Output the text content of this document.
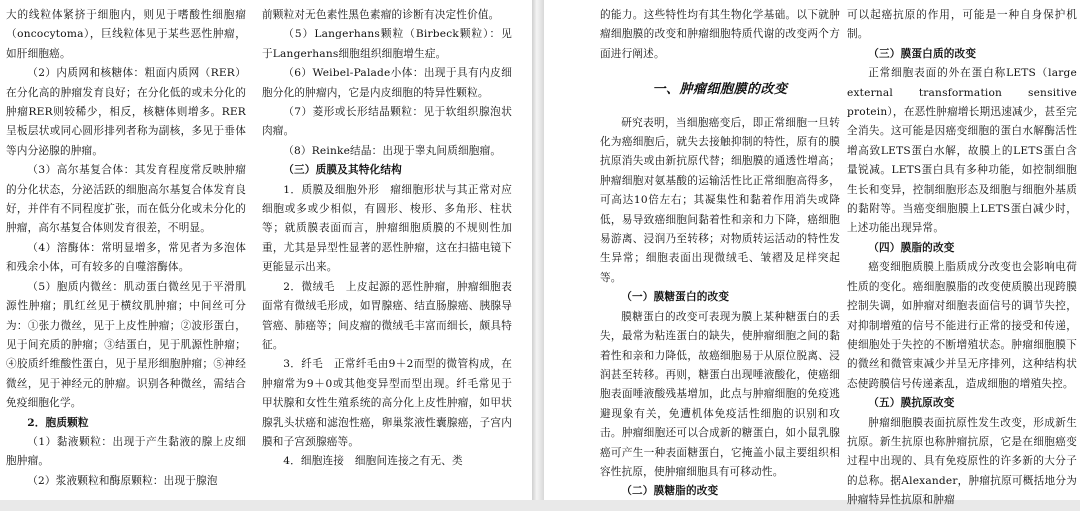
大的线粒体紧挤于细胞内，则见于嗜酸性细胞瘤（oncocytoma），巨线粒体见于某些恶性肿瘤，如肝细胞癌。

（2）内质网和核糖体：粗面内质网（RER）在分化高的肿瘤发育良好；在分化低的或未分化的肿瘤RER则较稀少，相反，核糖体则增多。RER呈板层状或同心圆形排列者称为副核，多见于垂体等内分泌腺的肿瘤。

（3）高尔基复合体：其发育程度常反映肿瘤的分化状态，分泌活跃的细胞高尔基复合体发育良好，并伴有不同程度扩张，而在低分化或未分化的肿瘤，高尔基复合体则发育很差，不明显。

（4）溶酶体：常明显增多，常见者为多泡体和残余小体，可有较多的自噬溶酶体。

（5）胞质内微丝：肌动蛋白微丝见于平滑肌源性肿瘤；肌红丝见于横纹肌肿瘤；中间丝可分为：①张力微丝，见于上皮性肿瘤；②波形蛋白，见于间充质的肿瘤；③结蛋白，见于肌源性肿瘤；④胶质纤维酸性蛋白，见于星形细胞肿瘤；⑤神经微丝，见于神经元的肿瘤。识别各种微丝，需结合免疫细胞化学。

2．胞质颗粒

（1）黏液颗粒：出现于产生黏液的腺上皮细胞肿瘤。

（2）浆液颗粒和酶原颗粒：出现于腺泡

前颗粒对无色素性黑色素瘤的诊断有决定性价值。

（5）Langerhans颗粒（Birbeck颗粒）：见于Langerhans细胞组织细胞增生症。

（6）Weibel-Palade小体：出现于具有内皮细胞分化的肿瘤内，它是内皮细胞的特异性颗粒。

（7）菱形或长形结晶颗粒：见于软组织腺泡状肉瘤。

（8）Reinke结晶：出现于睾丸间质细胞瘤。

（三）质膜及其特化结构

1．质膜及细胞外形　瘤细胞形状与其正常对应细胞或多或少相似，有圆形、梭形、多角形、柱状等；就质膜表面而言，肿瘤细胞质膜的不规则性加重，尤其是异型性显著的恶性肿瘤，这在扫描电镜下更能显示出来。

2．微绒毛　上皮起源的恶性肿瘤，肿瘤细胞表面常有微绒毛形成，如胃腺癌、结直肠腺癌、胰腺导管癌、肺癌等；间皮瘤的微绒毛丰富而细长，颇具特征。

3．纤毛　正常纤毛由9＋2而型的微管构成，在肿瘤常为9＋0或其他变异型而型出现。纤毛常见于甲状腺和女性生殖系统的高分化上皮性肿瘤，如甲状腺乳头状癌和滤泡性癌，卵巢浆液性囊腺癌，子宫内膜和子宫颈腺癌等。

4．细胞连接　细胞间连接之有无、类

的能力。这些特性均有其生物化学基础。以下就肿瘤细胞膜的改变和肿瘤细胞特质代谢的改变两个方面进行阐述。

一、肿瘤细胞膜的改变

研究表明，当细胞癌变后，即正常细胞一旦转化为癌细胞后，就失去接触抑制的特性，原有的膜抗原消失或由新抗原代替；细胞膜的通透性增高；肿瘤细胞对氨基酸的运输活性比正常细胞高得多，可高达10倍左右；其凝集性和黏着作用消失或降低，易导致癌细胞间黏着性和亲和力下降，癌细胞易游离、浸润乃至转移；对物质转运活动的特性发生异常；细胞表面出现微绒毛、皱褶及足样突起等。

（一）膜糖蛋白的改变

膜糖蛋白的改变可表现为膜上某种糖蛋白的丢失，最常为粘连蛋白的缺失，使肿瘤细胞之间的黏着性和亲和力降低，故癌细胞易于从原位脱离、浸润甚至转移。再则，糖蛋白出现唾液酸化，使癌细胞表面唾液酸残基增加，此点与肿瘤细胞的免疫逃避现象有关，免遭机体免疫活性细胞的识别和攻击。肿瘤细胞还可以合成新的糖蛋白，如小鼠乳腺癌可产生一种表面糖蛋白，它掩盖小鼠主要组织相容性抗原，使肿瘤细胞具有可移动性。

（二）膜糖脂的改变

可以起癌抗原的作用，可能是一种自身保护机制。

（三）膜蛋白质的改变

正常细胞表面的外在蛋白称LETS（large external transformation sensitive protein），在恶性肿瘤增长期迅速减少，甚至完全消失。这可能是因癌变细胞的蛋白水解酶活性增高致LETS蛋白水解，故膜上的LETS蛋白含量锐减。LETS蛋白具有多种功能，如控制细胞生长和变异，控制细胞形态及细胞与细胞外基质的黏附等。当癌变细胞膜上LETS蛋白减少时，上述功能出现异常。

（四）膜脂的改变

癌变细胞质膜上脂质成分改变也会影响电荷性质的变化。癌细胞膜脂的改变使质膜出现跨膜控制失调，如肿瘤对细胞表面信号的调节失控，对抑制增殖的信号不能进行正常的接受和传递，使细胞处于失控的不断增殖状态。肿瘤细胞膜下的微丝和微管束减少并呈无序排列，这种结构状态使跨膜信号传递紊乱，造成细胞的增殖失控。

（五）膜抗原改变

肿瘤细胞膜表面抗原性发生改变，形成新生抗原。新生抗原也称肿瘤抗原，它是在细胞癌变过程中出现的、具有免疫原性的许多新的大分子的总称。据Alexander，肿瘤抗原可概括地分为肿瘤特异性抗原和肿瘤
